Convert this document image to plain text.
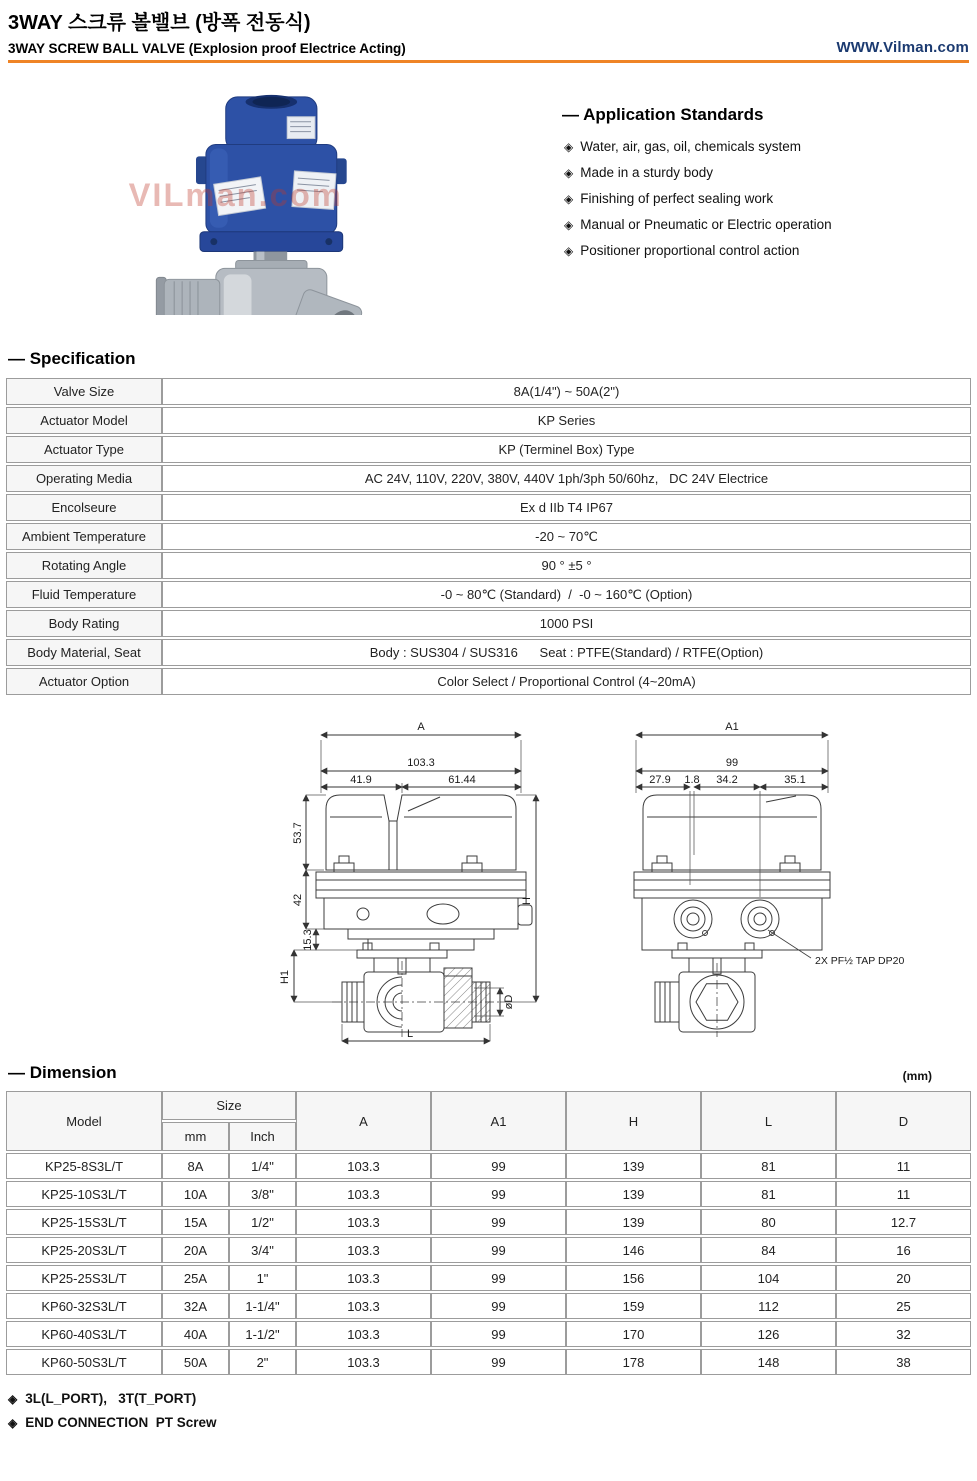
3WAY 스크류 볼밸브 (방폭 전동식)
3WAY SCREW BALL VALVE (Explosion proof Electrice Acting)	WWW.Vilman.com
VILman.com
— Application Standards
◈ Water, air, gas, oil, chemicals system
◈ Made in a sturdy body
◈ Finishing of perfect sealing work
◈ Manual or Pneumatic or Electric operation
◈ Positioner proportional control action
— Specification
Valve Size	8A(1/4") ~ 50A(2")
Actuator Model	KP Series
Actuator Type	KP (Terminel Box) Type
Operating Media	AC 24V, 110V, 220V, 380V, 440V 1ph/3ph 50/60hz,   DC 24V Electrice
Encolseure	Ex d IIb T4 IP67
Ambient Temperature	-20 ~ 70℃
Rotating Angle	90 ° ±5 °
Fluid Temperature	-0 ~ 80℃ (Standard)  /  -0 ~ 160℃ (Option)
Body Rating	1000 PSI
Body Material, Seat	Body : SUS304 / SUS316      Seat : PTFE(Standard) / RTFE(Option)
Actuator Option	Color Select / Proportional Control (4~20mA)
A
103.3
41.9	61.44
53.7
42
15.3
H1
H
L
øD
A1
99
27.9 1.8 34.2	35.1
2X PF½ TAP DP20
— Dimension	(mm)
Model	Size		A	A1	H	L	D
	mm	Inch					
KP25-8S3L/T	8A	1/4"	103.3	99	139	81	11
KP25-10S3L/T	10A	3/8"	103.3	99	139	81	11
KP25-15S3L/T	15A	1/2"	103.3	99	139	80	12.7
KP25-20S3L/T	20A	3/4"	103.3	99	146	84	16
KP25-25S3L/T	25A	1"	103.3	99	156	104	20
KP60-32S3L/T	32A	1-1/4"	103.3	99	159	112	25
KP60-40S3L/T	40A	1-1/2"	103.3	99	170	126	32
KP60-50S3L/T	50A	2"	103.3	99	178	148	38
◈ 3L(L_PORT),   3T(T_PORT)
◈ END CONNECTION  PT Screw
